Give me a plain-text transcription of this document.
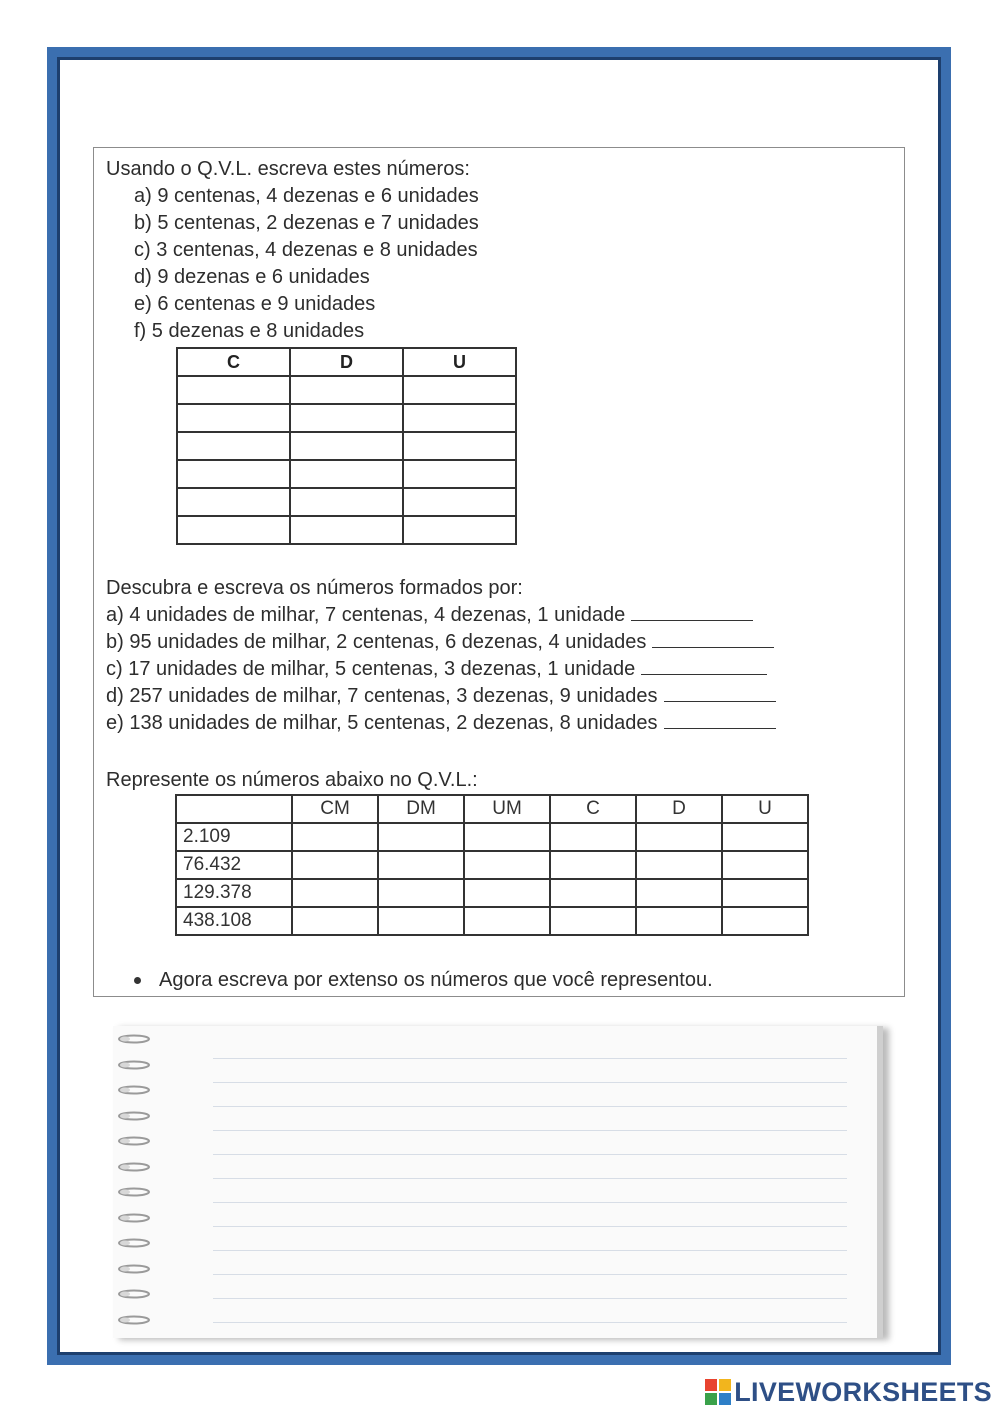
Usando o Q.V.L. escreva estes números:
a) 9 centenas, 4 dezenas e 6 unidades
b) 5 centenas, 2 dezenas e 7 unidades
c) 3 centenas, 4 dezenas e 8 unidades
d) 9 dezenas e 6 unidades
e) 6 centenas e 9 unidades
f) 5 dezenas e 8 unidades
C	D	U

Descubra e escreva os números formados por:
a) 4 unidades de milhar, 7 centenas, 4 dezenas, 1 unidade
b) 95 unidades de milhar, 2 centenas, 6 dezenas, 4 unidades
c) 17 unidades de milhar, 5 centenas, 3 dezenas, 1 unidade
d) 257 unidades de milhar, 7 centenas, 3 dezenas, 9 unidades
e) 138 unidades de milhar, 5 centenas, 2 dezenas, 8 unidades
Represente os números abaixo no Q.V.L.:
	CM	DM	UM	C	D	U
2.109						
76.432						
129.378						
438.108						
Agora escreva por extenso os números que você representou.
LIVEWORKSHEETS
